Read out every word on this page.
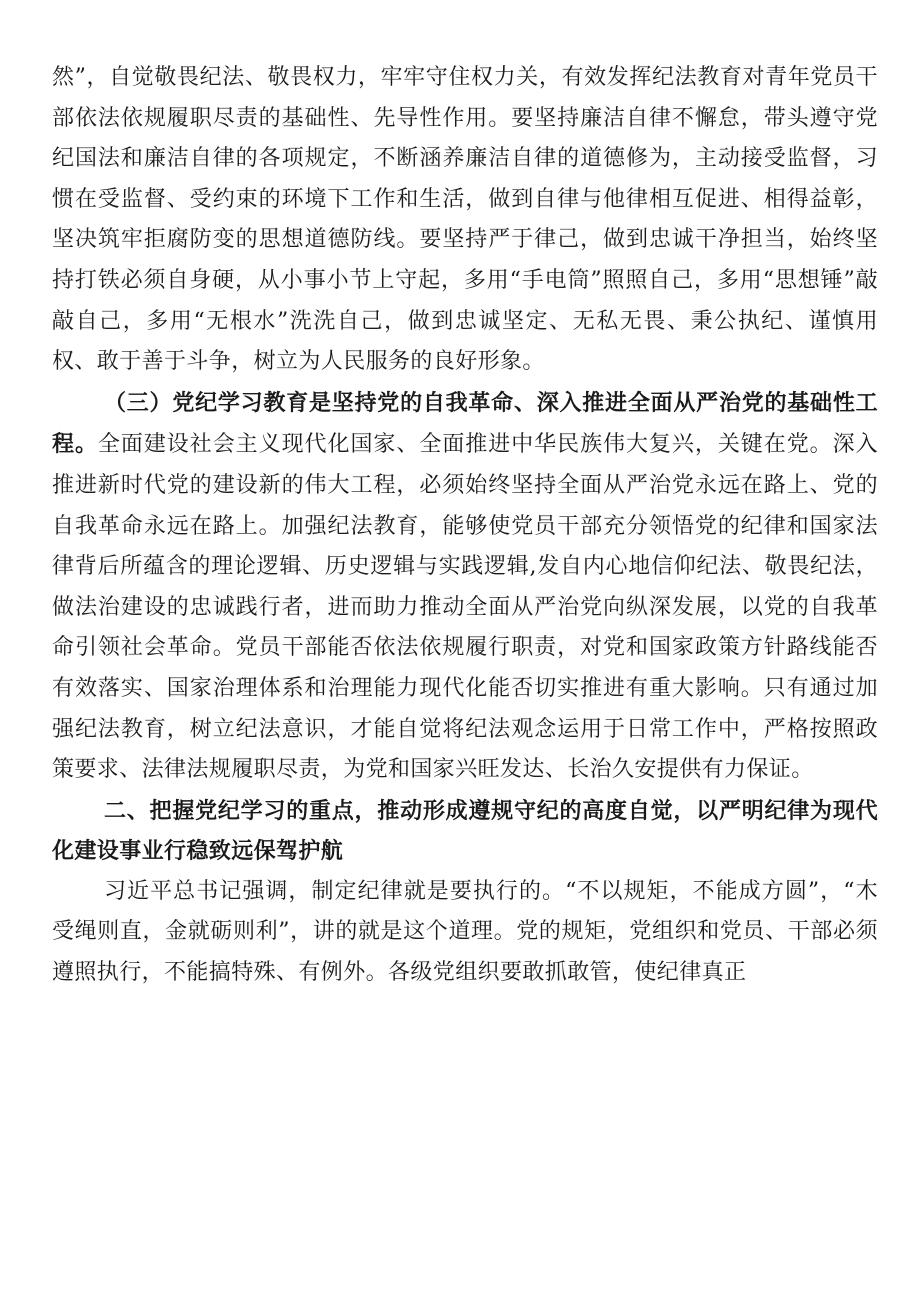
然”，自觉敬畏纪法、敬畏权力，牢牢守住权力关，有效发挥纪法教育对青年党员干部依法依规履职尽责的基础性、先导性作用。要坚持廉洁自律不懈怠，带头遵守党纪国法和廉洁自律的各项规定，不断涵养廉洁自律的道德修为，主动接受监督，习惯在受监督、受约束的环境下工作和生活，做到自律与他律相互促进、相得益彰，坚决筑牢拒腐防变的思想道德防线。要坚持严于律己，做到忠诚干净担当，始终坚持打铁必须自身硬，从小事小节上守起，多用“手电筒”照照自己，多用“思想锤”敲敲自己，多用“无根水”洗洗自己，做到忠诚坚定、无私无畏、秉公执纪、谨慎用权、敢于善于斗争，树立为人民服务的良好形象。

（三）党纪学习教育是坚持党的自我革命、深入推进全面从严治党的基础性工程。全面建设社会主义现代化国家、全面推进中华民族伟大复兴，关键在党。深入推进新时代党的建设新的伟大工程，必须始终坚持全面从严治党永远在路上、党的自我革命永远在路上。加强纪法教育，能够使党员干部充分领悟党的纪律和国家法律背后所蕴含的理论逻辑、历史逻辑与实践逻辑,发自内心地信仰纪法、敬畏纪法，做法治建设的忠诚践行者，进而助力推动全面从严治党向纵深发展，以党的自我革命引领社会革命。党员干部能否依法依规履行职责，对党和国家政策方针路线能否有效落实、国家治理体系和治理能力现代化能否切实推进有重大影响。只有通过加强纪法教育，树立纪法意识，才能自觉将纪法观念运用于日常工作中，严格按照政策要求、法律法规履职尽责，为党和国家兴旺发达、长治久安提供有力保证。

二、把握党纪学习的重点，推动形成遵规守纪的高度自觉，以严明纪律为现代化建设事业行稳致远保驾护航

习近平总书记强调，制定纪律就是要执行的。“不以规矩，不能成方圆”，“木受绳则直，金就砺则利”，讲的就是这个道理。党的规矩，党组织和党员、干部必须遵照执行，不能搞特殊、有例外。各级党组织要敢抓敢管，使纪律真正
